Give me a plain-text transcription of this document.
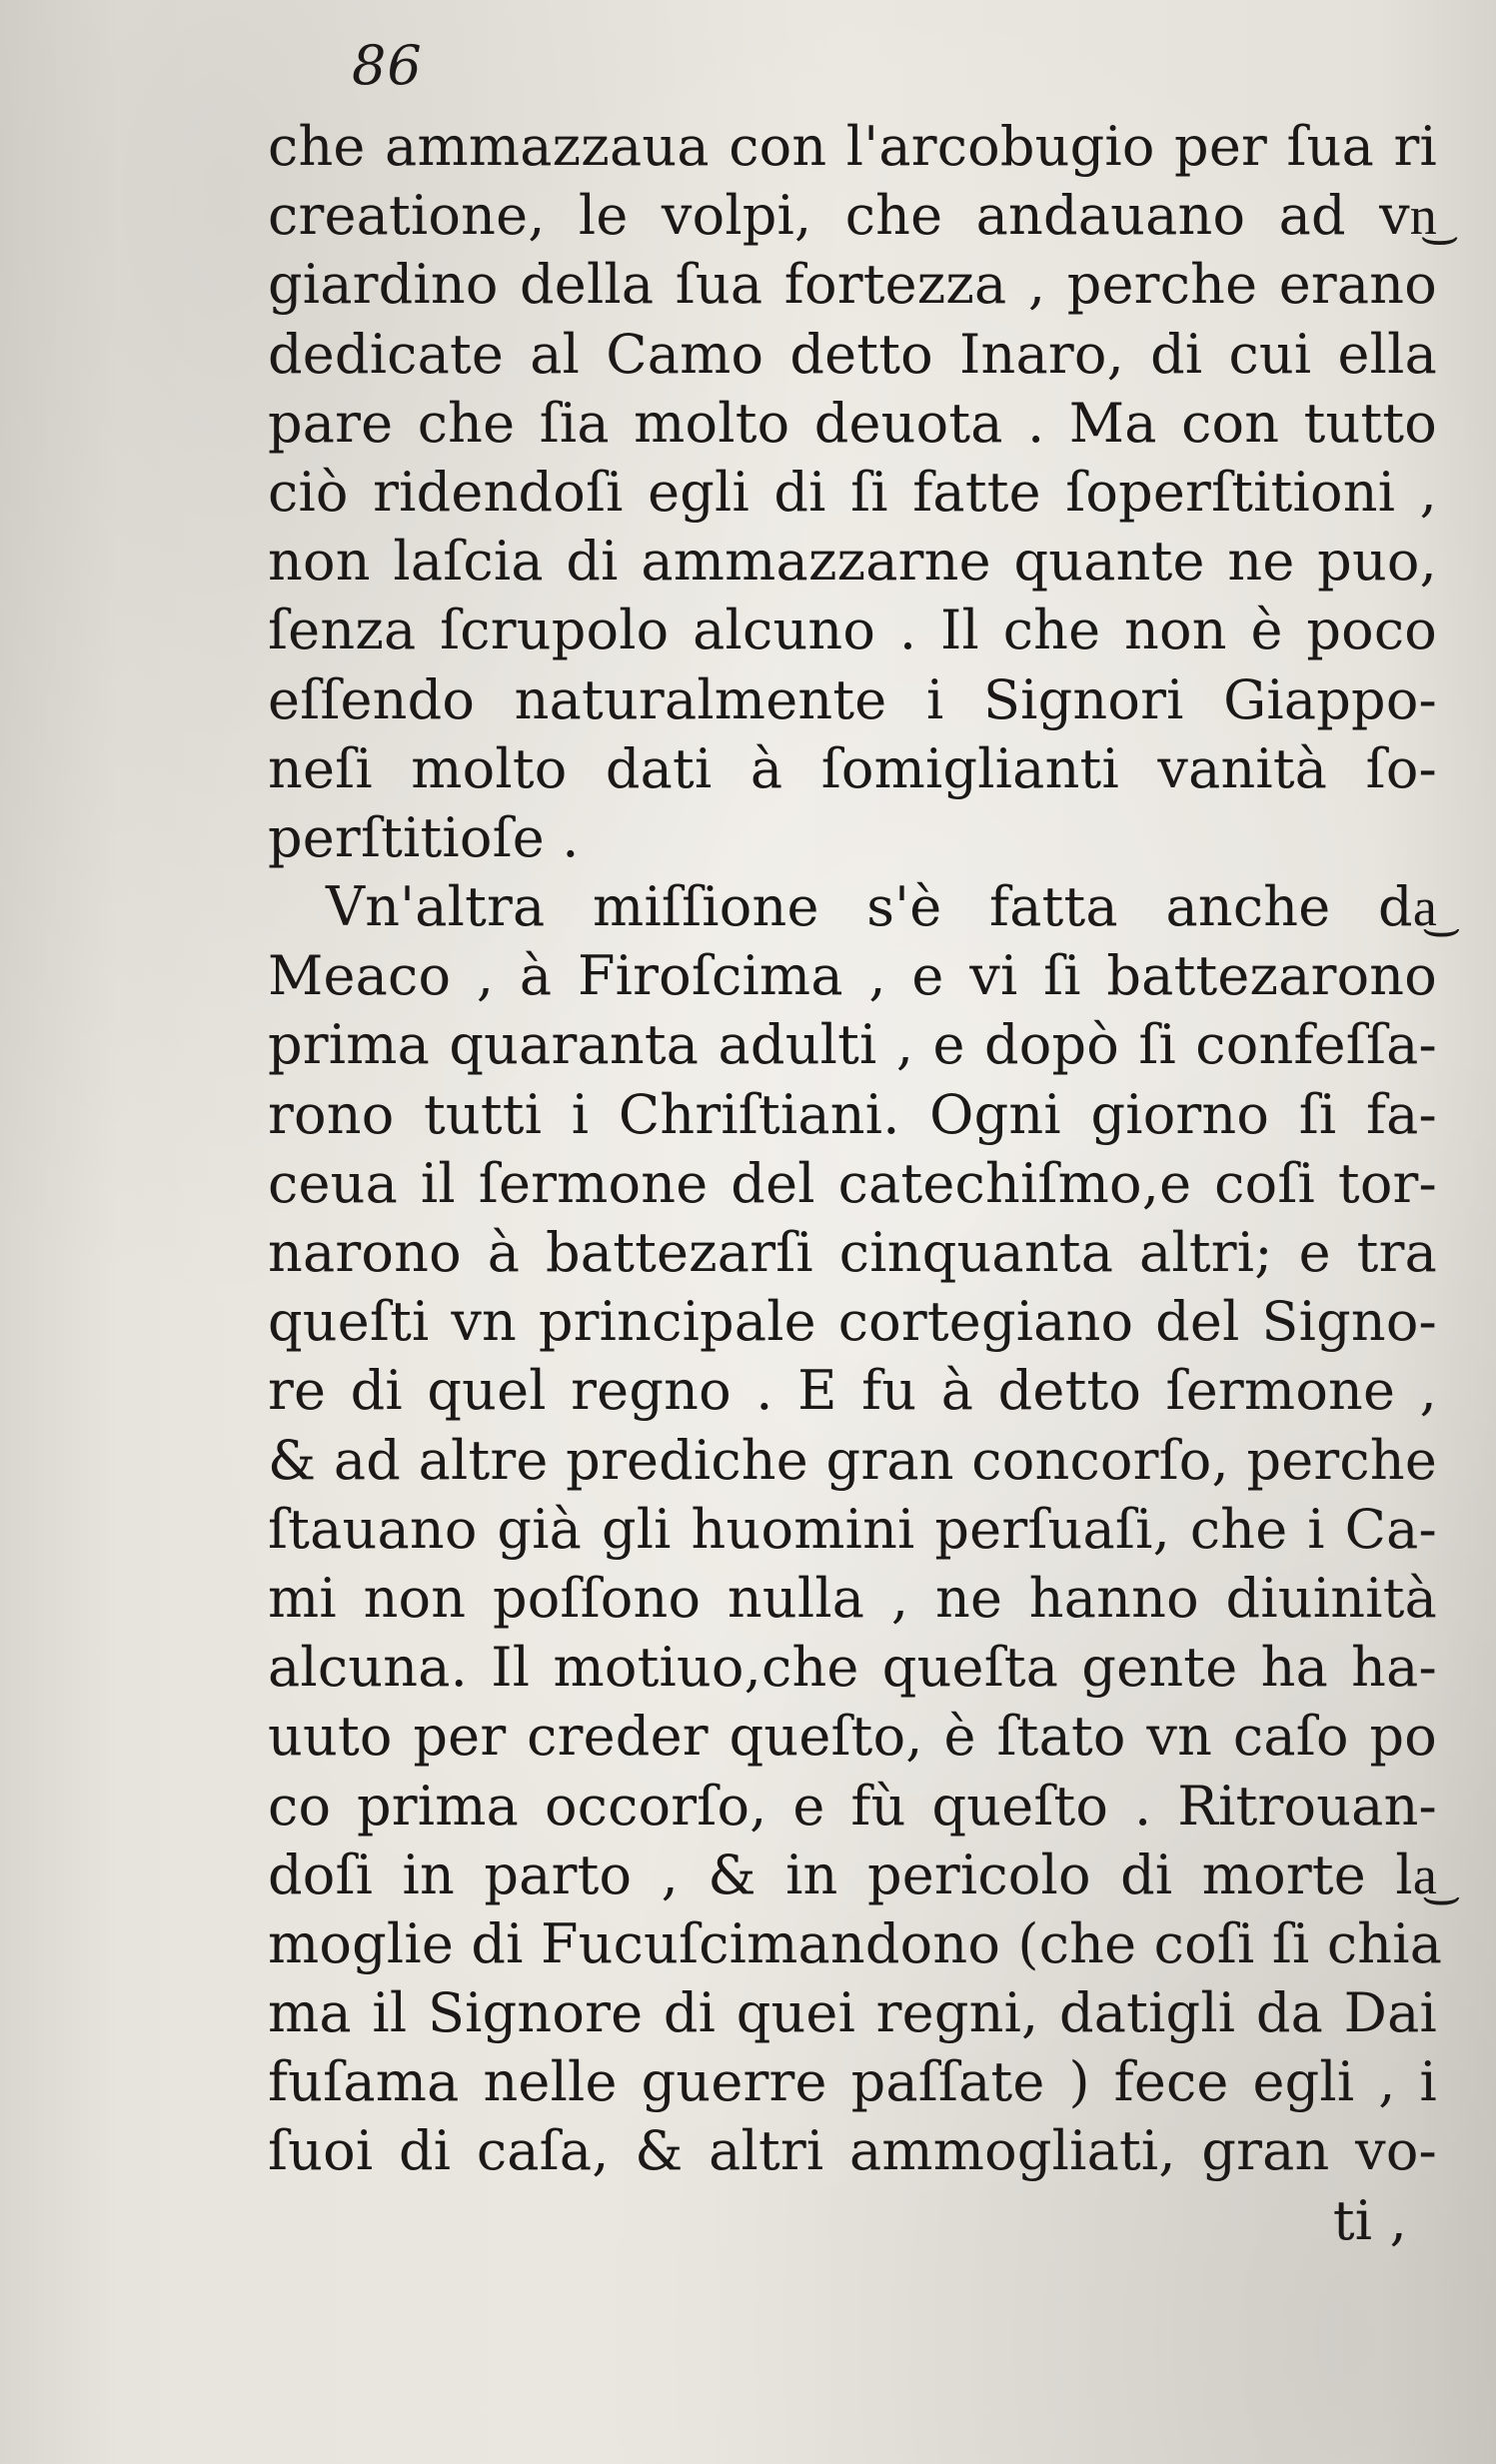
86
che ammazzaua con l'arcobugio per ſua ri
creatione, le volpi, che andauano ad vn͜
giardino della ſua fortezza , perche erano
dedicate al Camo detto Inaro, di cui ella
pare che ſia molto deuota . Ma con tutto
ciò ridendoſi egli di ſi fatte ſoperſtitioni ,
non laſcia di ammazzarne quante ne puo,
ſenza ſcrupolo alcuno . Il che non è poco
eſſendo naturalmente i Signori Giappo-
neſi molto dati à ſomiglianti vanità ſo-
perſtitioſe .
Vn'altra miſſione s'è fatta anche da͜
Meaco , à Firoſcima , e vi ſi battezarono
prima quaranta adulti , e dopò ſi confeſſa-
rono tutti i Chriſtiani. Ogni giorno ſi fa-
ceua il ſermone del catechiſmo,e coſi tor-
narono à battezarſi cinquanta altri; e tra
queſti vn principale cortegiano del Signo-
re di quel regno . E fu à detto ſermone ,
& ad altre prediche gran concorſo, perche
ſtauano già gli huomini perſuaſi, che i Ca-
mi non poſſono nulla , ne hanno diuinità
alcuna. Il motiuo,che queſta gente ha ha-
uuto per creder queſto, è ſtato vn caſo po
co prima occorſo, e fù queſto . Ritrouan-
doſi in parto , & in pericolo di morte la͜
moglie di Fucuſcimandono (che coſi ſi chia
ma il Signore di quei regni, datigli da Dai
fuſama nelle guerre paſſate ) fece egli , i
ſuoi di caſa, & altri ammogliati, gran vo-
ti ,
